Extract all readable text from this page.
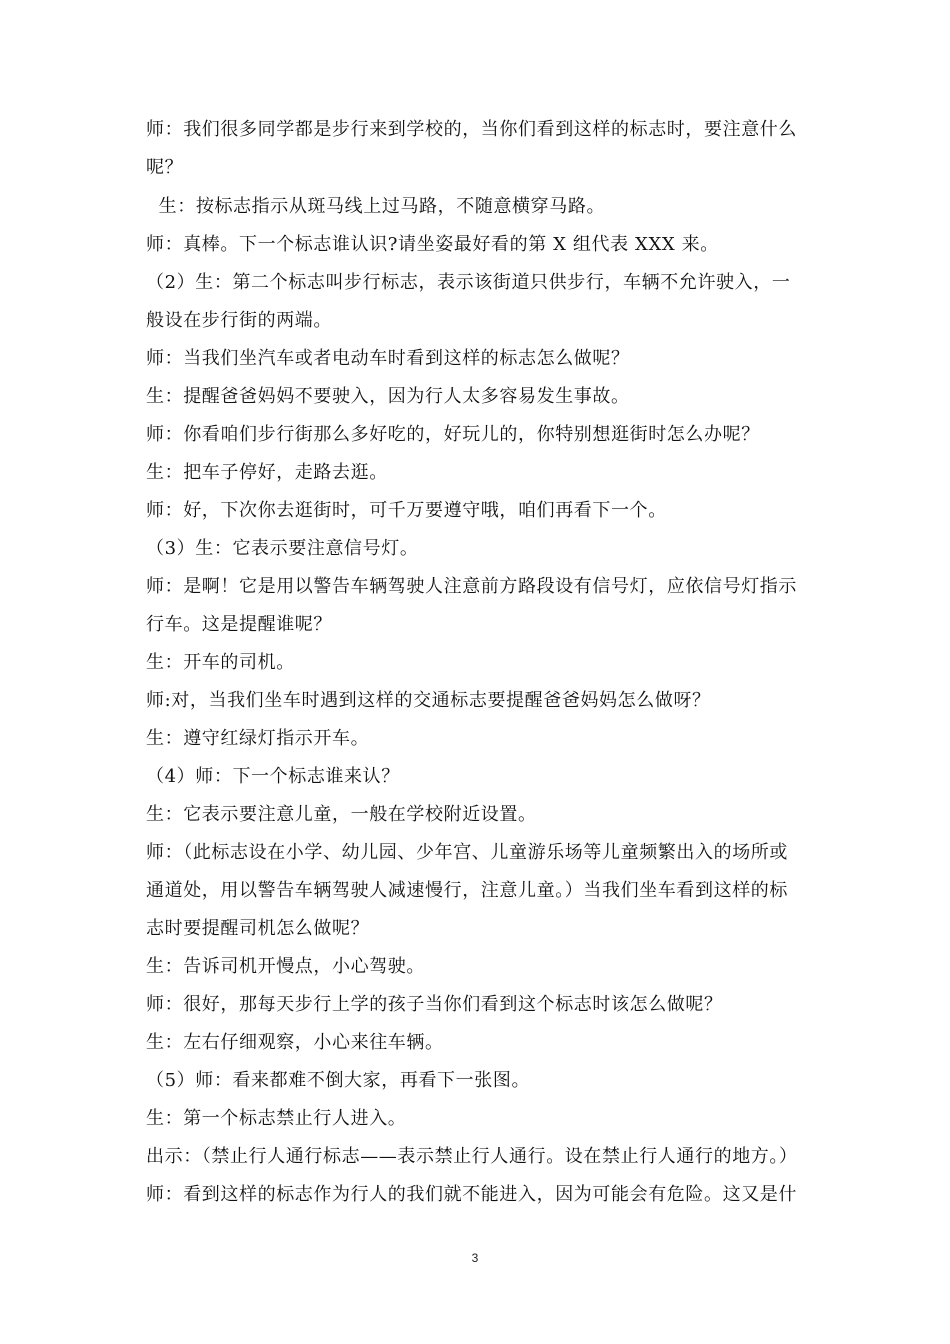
师：我们很多同学都是步行来到学校的，当你们看到这样的标志时，要注意什么
呢？
生：按标志指示从斑马线上过马路，不随意横穿马路。
师：真棒。下一个标志谁认识?请坐姿最好看的第 X 组代表 XXX 来。
（2）生：第二个标志叫步行标志，表示该街道只供步行，车辆不允许驶入，一
般设在步行街的两端。
师：当我们坐汽车或者电动车时看到这样的标志怎么做呢？
生：提醒爸爸妈妈不要驶入，因为行人太多容易发生事故。
师：你看咱们步行街那么多好吃的，好玩儿的，你特别想逛街时怎么办呢？
生：把车子停好，走路去逛。
师：好，下次你去逛街时，可千万要遵守哦，咱们再看下一个。
（3）生：它表示要注意信号灯。
师：是啊！它是用以警告车辆驾驶人注意前方路段设有信号灯，应依信号灯指示
行车。这是提醒谁呢？
生：开车的司机。
师:对，当我们坐车时遇到这样的交通标志要提醒爸爸妈妈怎么做呀？
生：遵守红绿灯指示开车。
（4）师：下一个标志谁来认？
生：它表示要注意儿童，一般在学校附近设置。
师：（此标志设在小学、幼儿园、少年宫、儿童游乐场等儿童频繁出入的场所或
通道处，用以警告车辆驾驶人减速慢行，注意儿童。）当我们坐车看到这样的标
志时要提醒司机怎么做呢？
生：告诉司机开慢点，小心驾驶。
师：很好，那每天步行上学的孩子当你们看到这个标志时该怎么做呢？
生：左右仔细观察，小心来往车辆。
（5）师：看来都难不倒大家，再看下一张图。
生：第一个标志禁止行人进入。
出示：（禁止行人通行标志——表示禁止行人通行。设在禁止行人通行的地方。）
师：看到这样的标志作为行人的我们就不能进入，因为可能会有危险。这又是什
3
